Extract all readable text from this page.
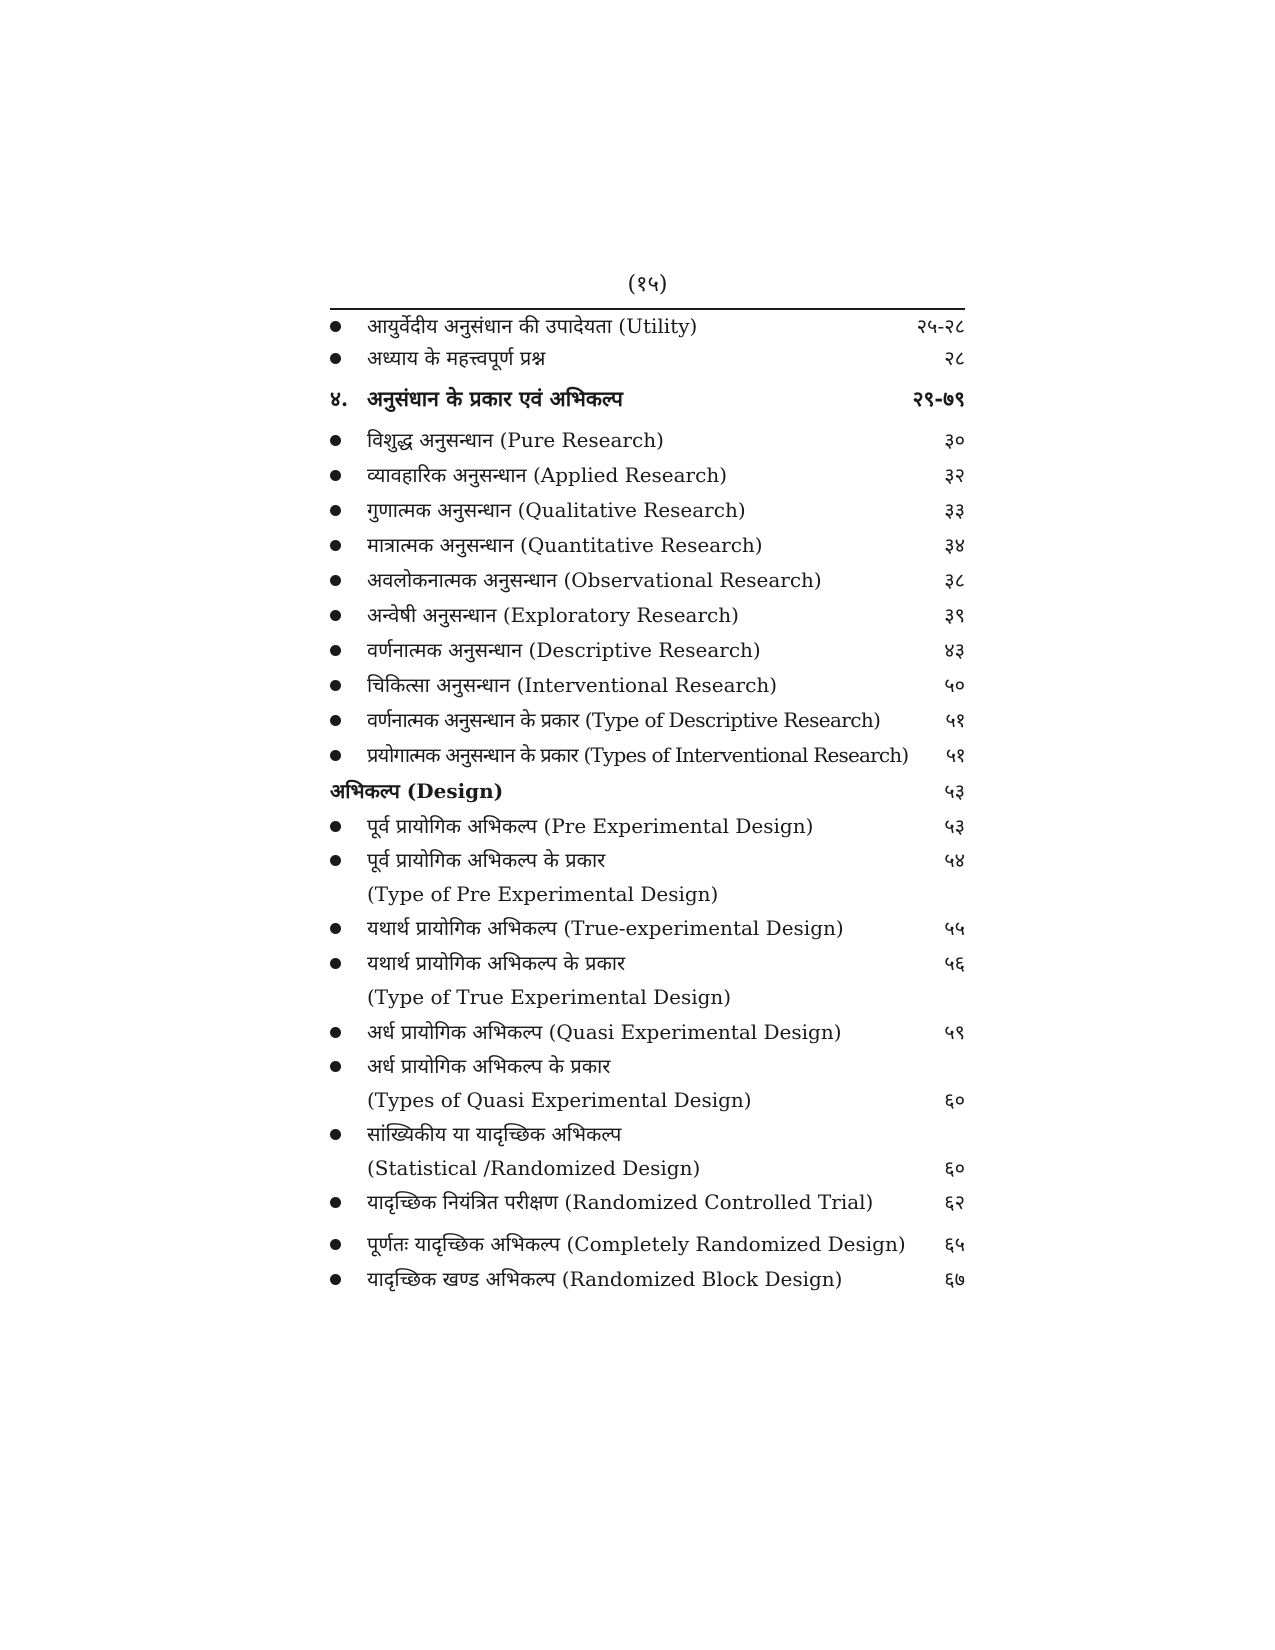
(१५)
आयुर्वेदीय अनुसंधान की उपादेयता (Utility)	२५-२८
अध्याय के महत्त्वपूर्ण प्रश्न	२८
४. अनुसंधान के प्रकार एवं अभिकल्प	२९-७९
विशुद्ध अनुसन्धान (Pure Research)	३०
व्यावहारिक अनुसन्धान (Applied Research)	३२
गुणात्मक अनुसन्धान (Qualitative Research)	३३
मात्रात्मक अनुसन्धान (Quantitative Research)	३४
अवलोकनात्मक अनुसन्धान (Observational Research)	३८
अन्वेषी अनुसन्धान (Exploratory Research)	३९
वर्णनात्मक अनुसन्धान (Descriptive Research)	४३
चिकित्सा अनुसन्धान (Interventional Research)	५०
वर्णनात्मक अनुसन्धान के प्रकार (Type of Descriptive Research)	५१
प्रयोगात्मक अनुसन्धान के प्रकार (Types of Interventional Research) ५१
अभिकल्प (Design)	५३
पूर्व प्रायोगिक अभिकल्प (Pre Experimental Design)	५३
पूर्व प्रायोगिक अभिकल्प के प्रकार	५४
(Type of Pre Experimental Design)
यथार्थ प्रायोगिक अभिकल्प (True-experimental Design)	५५
यथार्थ प्रायोगिक अभिकल्प के प्रकार	५६
(Type of True Experimental Design)
अर्ध प्रायोगिक अभिकल्प (Quasi Experimental Design)	५९
अर्ध प्रायोगिक अभिकल्प के प्रकार
(Types of Quasi Experimental Design)	६०
सांख्यिकीय या यादृच्छिक अभिकल्प
(Statistical /Randomized Design)	६०
यादृच्छिक नियंत्रित परीक्षण (Randomized Controlled Trial)	६२
पूर्णतः यादृच्छिक अभिकल्प (Completely Randomized Design) ६५
यादृच्छिक खण्ड अभिकल्प (Randomized Block Design)	६७
